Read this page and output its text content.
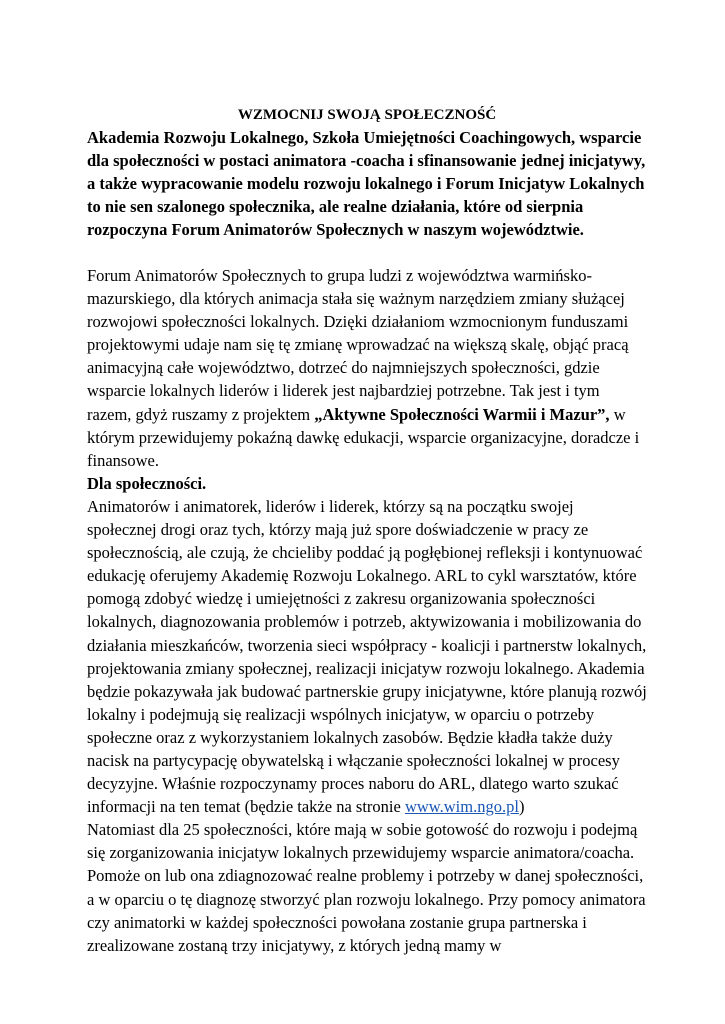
WZMOCNIJ SWOJĄ SPOŁECZNOŚĆ

Akademia Rozwoju Lokalnego, Szkoła Umiejętności Coachingowych, wsparcie dla społeczności w postaci animatora -coacha i sfinansowanie jednej inicjatywy, a także wypracowanie modelu rozwoju lokalnego i Forum Inicjatyw Lokalnych to nie sen szalonego społecznika, ale realne działania, które od sierpnia rozpoczyna Forum Animatorów Społecznych w naszym województwie.

Forum Animatorów Społecznych to grupa ludzi z województwa warmińsko-mazurskiego, dla których animacja stała się ważnym narzędziem zmiany służącej rozwojowi społeczności lokalnych. Dzięki działaniom wzmocnionym funduszami projektowymi udaje nam się tę zmianę wprowadzać na większą skalę, objąć pracą animacyjną całe województwo, dotrzeć do najmniejszych społeczności, gdzie wsparcie lokalnych liderów i liderek jest najbardziej potrzebne. Tak jest i tym razem, gdyż ruszamy z projektem „Aktywne Społeczności Warmii i Mazur”, w którym przewidujemy pokaźną dawkę edukacji, wsparcie organizacyjne, doradcze i finansowe.

Dla społeczności.

Animatorów i animatorek, liderów i liderek, którzy są na początku swojej społecznej drogi oraz tych, którzy mają już spore doświadczenie w pracy ze społecznością, ale czują, że chcieliby poddać ją pogłębionej refleksji i kontynuować edukację oferujemy Akademię Rozwoju Lokalnego. ARL to cykl warsztatów, które pomogą zdobyć wiedzę i umiejętności z zakresu organizowania społeczności lokalnych, diagnozowania problemów i potrzeb, aktywizowania i mobilizowania do działania mieszkańców, tworzenia sieci współpracy - koalicji i partnerstw lokalnych, projektowania zmiany społecznej, realizacji inicjatyw rozwoju lokalnego. Akademia będzie pokazywała jak budować partnerskie grupy inicjatywne, które planują rozwój lokalny i podejmują się realizacji wspólnych inicjatyw, w oparciu o potrzeby społeczne oraz z wykorzystaniem lokalnych zasobów. Będzie kładła także duży nacisk na partycypację obywatelską i włączanie społeczności lokalnej w procesy decyzyjne. Właśnie rozpoczynamy proces naboru do ARL, dlatego warto szukać informacji na ten temat (będzie także na stronie www.wim.ngo.pl)

Natomiast dla 25 społeczności, które mają w sobie gotowość do rozwoju i podejmą się zorganizowania inicjatyw lokalnych przewidujemy wsparcie animatora/coacha. Pomoże on lub ona zdiagnozować realne problemy i potrzeby w danej społeczności, a w oparciu o tę diagnozę stworzyć plan rozwoju lokalnego. Przy pomocy animatora czy animatorki w każdej społeczności powołana zostanie grupa partnerska i zrealizowane zostaną trzy inicjatywy, z których jedną mamy w
